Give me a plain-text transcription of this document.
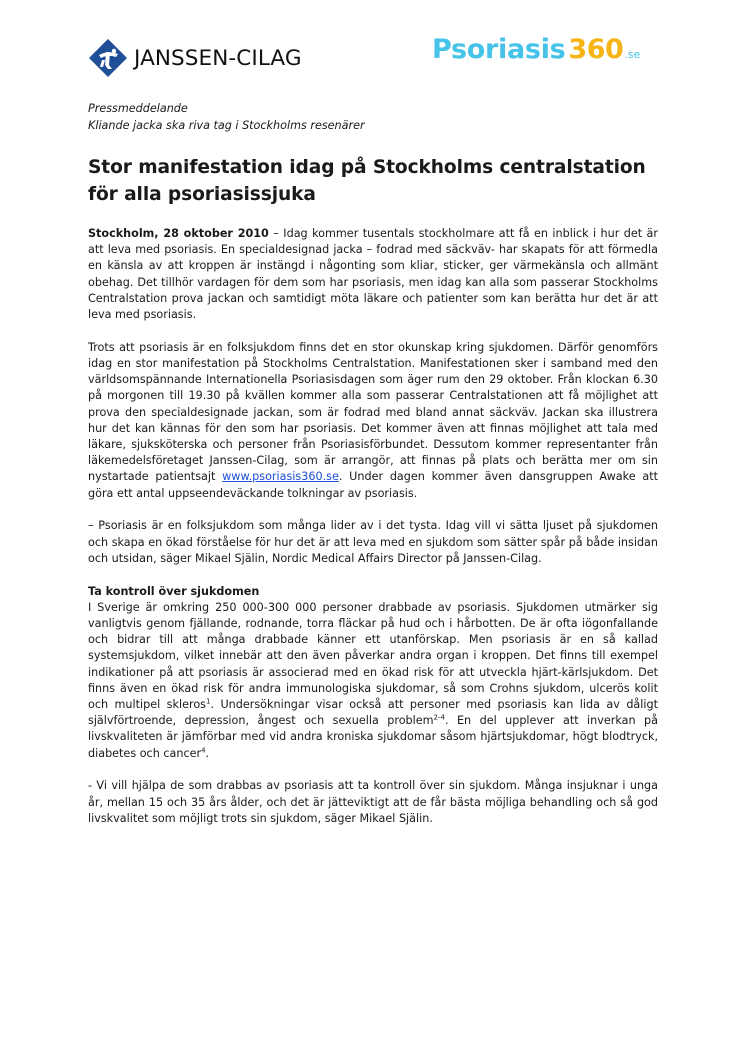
JANSSEN-CILAG	Psoriasis 360 .se

Pressmeddelande

Kliande jacka ska riva tag i Stockholms resenärer

Stor manifestation idag på Stockholms centralstation för alla psoriasissjuka

Stockholm, 28 oktober 2010 – Idag kommer tusentals stockholmare att få en inblick i hur det är att leva med psoriasis. En specialdesignad jacka – fodrad med säckväv- har skapats för att förmedla en känsla av att kroppen är instängd i någonting som kliar, sticker, ger värmekänsla och allmänt obehag. Det tillhör vardagen för dem som har psoriasis, men idag kan alla som passerar Stockholms Centralstation prova jackan och samtidigt möta läkare och patienter som kan berätta hur det är att leva med psoriasis.

Trots att psoriasis är en folksjukdom finns det en stor okunskap kring sjukdomen. Därför genomförs idag en stor manifestation på Stockholms Centralstation. Manifestationen sker i samband med den världsomspännande Internationella Psoriasisdagen som äger rum den 29 oktober. Från klockan 6.30 på morgonen till 19.30 på kvällen kommer alla som passerar Centralstationen att få möjlighet att prova den specialdesignade jackan, som är fodrad med bland annat säckväv. Jackan ska illustrera hur det kan kännas för den som har psoriasis. Det kommer även att finnas möjlighet att tala med läkare, sjuksköterska och personer från Psoriasisförbundet. Dessutom kommer representanter från läkemedelsföretaget Janssen-Cilag, som är arrangör, att finnas på plats och berätta mer om sin nystartade patientsajt www.psoriasis360.se. Under dagen kommer även dansgruppen Awake att göra ett antal uppseendeväckande tolkningar av psoriasis.

– Psoriasis är en folksjukdom som många lider av i det tysta. Idag vill vi sätta ljuset på sjukdomen och skapa en ökad förståelse för hur det är att leva med en sjukdom som sätter spår på både insidan och utsidan, säger Mikael Själin, Nordic Medical Affairs Director på Janssen-Cilag.

Ta kontroll över sjukdomen

I Sverige är omkring 250 000-300 000 personer drabbade av psoriasis. Sjukdomen utmärker sig vanligtvis genom fjällande, rodnande, torra fläckar på hud och i hårbotten. De är ofta iögonfallande och bidrar till att många drabbade känner ett utanförskap. Men psoriasis är en så kallad systemsjukdom, vilket innebär att den även påverkar andra organ i kroppen. Det finns till exempel indikationer på att psoriasis är associerad med en ökad risk för att utveckla hjärt-kärlsjukdom. Det finns även en ökad risk för andra immunologiska sjukdomar, så som Crohns sjukdom, ulcerös kolit och multipel skleros$^1$. Undersökningar visar också att personer med psoriasis kan lida av dåligt självförtroende, depression, ångest och sexuella problem$^{2-4}$. En del upplever att inverkan på livskvaliteten är jämförbar med vid andra kroniska sjukdomar såsom hjärtsjukdomar, högt blodtryck, diabetes och cancer$^4$.

- Vi vill hjälpa de som drabbas av psoriasis att ta kontroll över sin sjukdom. Många insjuknar i unga år, mellan 15 och 35 års ålder, och det är jätteviktigt att de får bästa möjliga behandling och så god livskvalitet som möjligt trots sin sjukdom, säger Mikael Själin.
